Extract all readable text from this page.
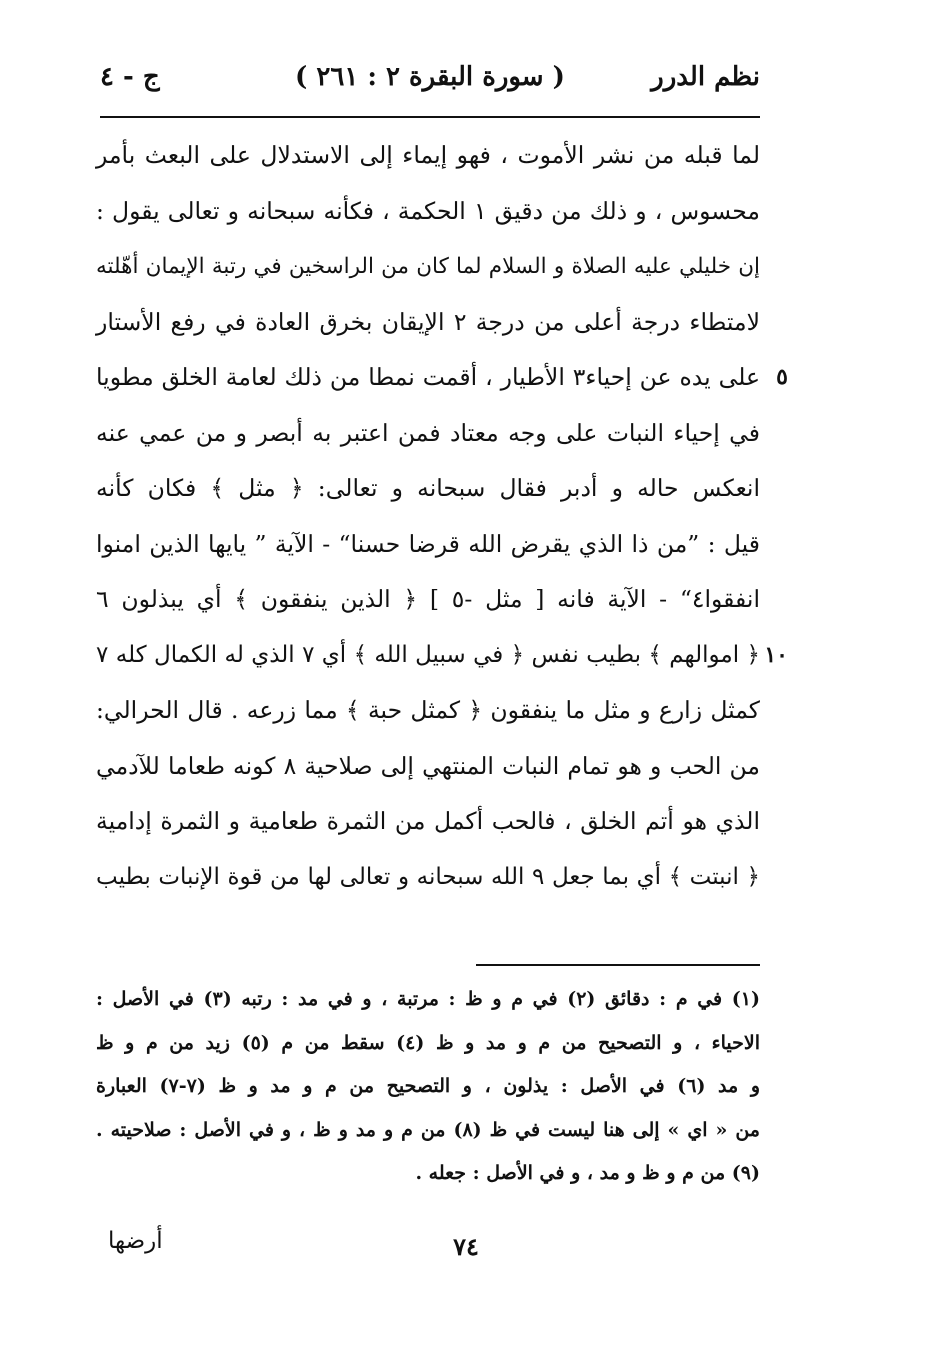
نظم الدرر
( سورة البقرة ٢ : ٢٦١ )
ج - ٤
لما قبله من نشر الأموت ، فهو إيماء إلى الاستدلال على البعث بأمر
محسوس ، و ذلك من دقيق ١ الحكمة ، فكأنه سبحانه و تعالى يقول :
إن خليلي عليه الصلاة و السلام لما كان من الراسخين في رتبة الإيمان أهّلته
لامتطاء درجة أعلى من درجة ٢ الإيقان بخرق العادة في رفع الأستار
٥
على يده عن إحياء٣ الأطيار ، أقمت نمطا من ذلك لعامة الخلق مطويا
في إحياء النبات على وجه معتاد فمن اعتبر به أبصر و من عمي عنه
انعكس حاله و أدبر فقال سبحانه و تعالى: ﴿ مثل ﴾ فكان كأنه
قيل : ”من ذا الذي يقرض الله قرضا حسنا“ - الآية ” يايها الذين امنوا
انفقوا٤“ - الآية فانه [ مثل -٥ ] ﴿ الذين ينفقون ﴾ أي يبذلون ٦
١٠
﴿ اموالهم ﴾ بطيب نفس ﴿ في سبيل الله ﴾ أي ٧ الذي له الكمال كله ٧
كمثل زارع و مثل ما ينفقون ﴿ كمثل حبة ﴾ مما زرعه . قال الحرالي:
من الحب و هو تمام النبات المنتهي إلى صلاحية ٨ كونه طعاما للآدمي
الذي هو أتم الخلق ، فالحب أكمل من الثمرة طعامية و الثمرة إدامية
﴿ انبتت ﴾ أي بما جعل ٩ الله سبحانه و تعالى لها من قوة الإنبات بطيب
(١) في م : دقائق (٢) في م و ظ : مرتبة ، و في مد : رتبه (٣) في الأصل :
الاحياء ، و التصحيح من م و مد و ظ (٤) سقط من م (٥) زيد من م و ظ
و مد (٦) في الأصل : يذلون ، و التصحيح من م و مد و ظ (٧-٧) العبارة
من « اي » إلى هنا ليست في ظ (٨) من م و مد و ظ ، و في الأصل : صلاحيته .
(٩) من م و ظ و مد ، و في الأصل : جعله .
٧٤
أرضها
